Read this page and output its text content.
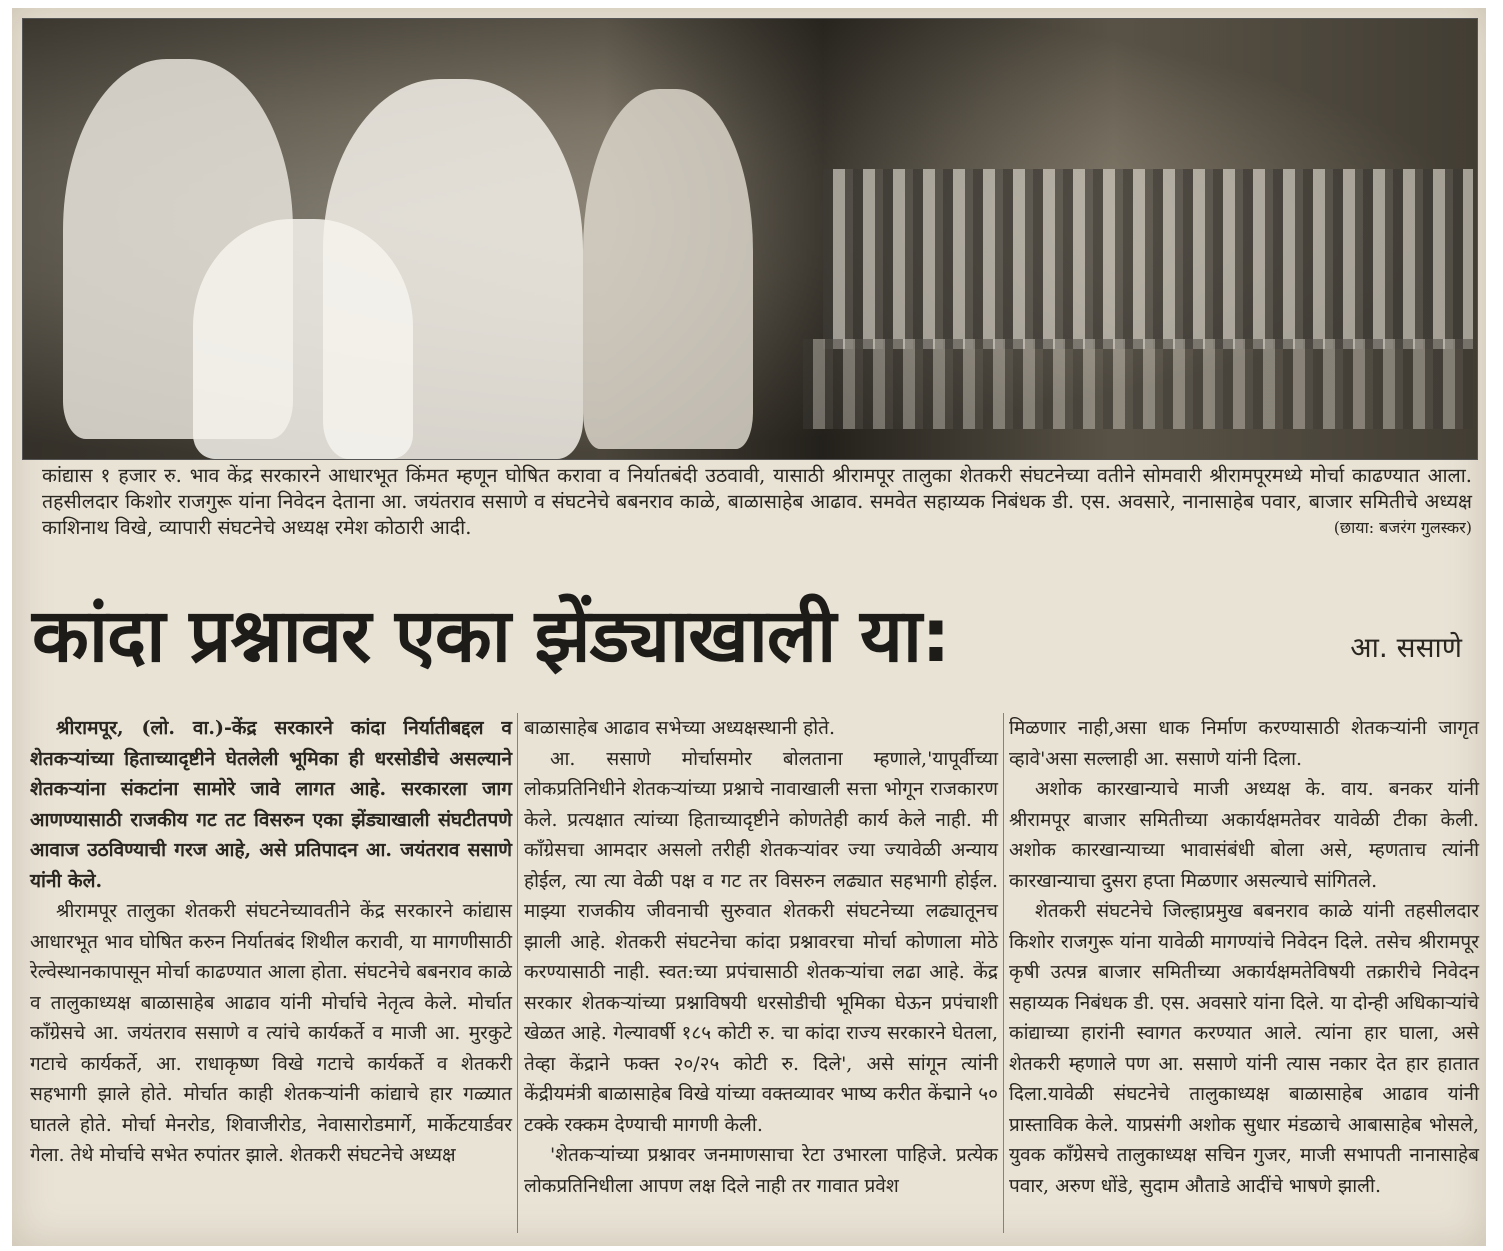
कांद्यास १ हजार रु. भाव केंद्र सरकारने आधारभूत किंमत म्हणून घोषित करावा व निर्यातबंदी उठवावी, यासाठी श्रीरामपूर तालुका शेतकरी संघटनेच्या वतीने सोमवारी श्रीरामपूरमध्ये मोर्चा काढण्यात आला. तहसीलदार किशोर राजगुरू यांना निवेदन देताना आ. जयंतराव ससाणे व संघटनेचे बबनराव काळे, बाळासाहेब आढाव. समवेत सहाय्यक निबंधक डी. एस. अवसारे, नानासाहेब पवार, बाजार समितीचे अध्यक्ष काशिनाथ विखे, व्यापारी संघटनेचे अध्यक्ष रमेश कोठारी आदी.	(छाया: बजरंग गुलस्कर)
कांदा प्रश्नावर एका झेंड्याखाली या:	आ. ससाणे

श्रीरामपूर, (लो. वा.)-केंद्र सरकारने कांदा निर्यातीबद्दल व शेतकऱ्यांच्या हिताच्यादृष्टीने घेतलेली भूमिका ही धरसोडीचे असल्याने शेतकऱ्यांना संकटांना सामोरे जावे लागत आहे. सरकारला जाग आणण्यासाठी राजकीय गट तट विसरुन एका झेंड्याखाली संघटीतपणे आवाज उठविण्याची गरज आहे, असे प्रतिपादन आ. जयंतराव ससाणे यांनी केले.

श्रीरामपूर तालुका शेतकरी संघटनेच्यावतीने केंद्र सरकारने कांद्यास आधारभूत भाव घोषित करुन निर्यातबंद शिथील करावी, या मागणीसाठी रेल्वेस्थानकापासून मोर्चा काढण्यात आला होता. संघटनेचे बबनराव काळे व तालुकाध्यक्ष बाळासाहेब आढाव यांनी मोर्चाचे नेतृत्व केले. मोर्चात काँग्रेसचे आ. जयंतराव ससाणे व त्यांचे कार्यकर्ते व माजी आ. मुरकुटे गटाचे कार्यकर्ते, आ. राधाकृष्ण विखे गटाचे कार्यकर्ते व शेतकरी सहभागी झाले होते. मोर्चात काही शेतकऱ्यांनी कांद्याचे हार गळ्यात घातले होते. मोर्चा मेनरोड, शिवाजीरोड, नेवासारोडमार्गे, मार्केटयार्डवर गेला. तेथे मोर्चाचे सभेत रुपांतर झाले. शेतकरी संघटनेचे अध्यक्ष

बाळासाहेब आढाव सभेच्या अध्यक्षस्थानी होते.

आ. ससाणे मोर्चासमोर बोलताना म्हणाले,'यापूर्वीच्या लोकप्रतिनिधीने शेतकऱ्यांच्या प्रश्नाचे नावाखाली सत्ता भोगून राजकारण केले. प्रत्यक्षात त्यांच्या हिताच्यादृष्टीने कोणतेही कार्य केले नाही. मी काँग्रेसचा आमदार असलो तरीही शेतकऱ्यांवर ज्या ज्यावेळी अन्याय होईल, त्या त्या वेळी पक्ष व गट तर विसरुन लढ्यात सहभागी होईल. माझ्या राजकीय जीवनाची सुरुवात शेतकरी संघटनेच्या लढ्यातूनच झाली आहे. शेतकरी संघटनेचा कांदा प्रश्नावरचा मोर्चा कोणाला मोठे करण्यासाठी नाही. स्वत:च्या प्रपंचासाठी शेतकऱ्यांचा लढा आहे. केंद्र सरकार शेतकऱ्यांच्या प्रश्नाविषयी धरसोडीची भूमिका घेऊन प्रपंचाशी खेळत आहे. गेल्यावर्षी १८५ कोटी रु. चा कांदा राज्य सरकारने घेतला, तेव्हा केंद्राने फक्त २०/२५ कोटी रु. दिले', असे सांगून त्यांनी केंद्रीयमंत्री बाळासाहेब विखे यांच्या वक्तव्यावर भाष्य करीत केंद्माने ५० टक्के रक्कम देण्याची मागणी केली.

'शेतकऱ्यांच्या प्रश्नावर जनमाणसाचा रेटा उभारला पाहिजे. प्रत्येक लोकप्रतिनिधीला आपण लक्ष दिले नाही तर गावात प्रवेश

मिळणार नाही,असा धाक निर्माण करण्यासाठी शेतकऱ्यांनी जागृत व्हावे'असा सल्लाही आ. ससाणे यांनी दिला.

अशोक कारखान्याचे माजी अध्यक्ष के. वाय. बनकर यांनी श्रीरामपूर बाजार समितीच्या अकार्यक्षमतेवर यावेळी टीका केली. अशोक कारखान्याच्या भावासंबंधी बोला असे, म्हणताच त्यांनी कारखान्याचा दुसरा हप्ता मिळणार असल्याचे सांगितले.

शेतकरी संघटनेचे जिल्हाप्रमुख बबनराव काळे यांनी तहसीलदार किशोर राजगुरू यांना यावेळी मागण्यांचे निवेदन दिले. तसेच श्रीरामपूर कृषी उत्पन्न बाजार समितीच्या अकार्यक्षमतेविषयी तक्रारीचे निवेदन सहाय्यक निबंधक डी. एस. अवसारे यांना दिले. या दोन्ही अधिकाऱ्यांचे कांद्याच्या हारांनी स्वागत करण्यात आले. त्यांना हार घाला, असे शेतकरी म्हणाले पण आ. ससाणे यांनी त्यास नकार देत हार हातात दिला.यावेळी संघटनेचे तालुकाध्यक्ष बाळासाहेब आढाव यांनी प्रास्ताविक केले. याप्रसंगी अशोक सुधार मंडळाचे आबासाहेब भोसले, युवक काँग्रेसचे तालुकाध्यक्ष सचिन गुजर, माजी सभापती नानासाहेब पवार, अरुण धोंडे, सुदाम औताडे आदींचे भाषणे झाली.
